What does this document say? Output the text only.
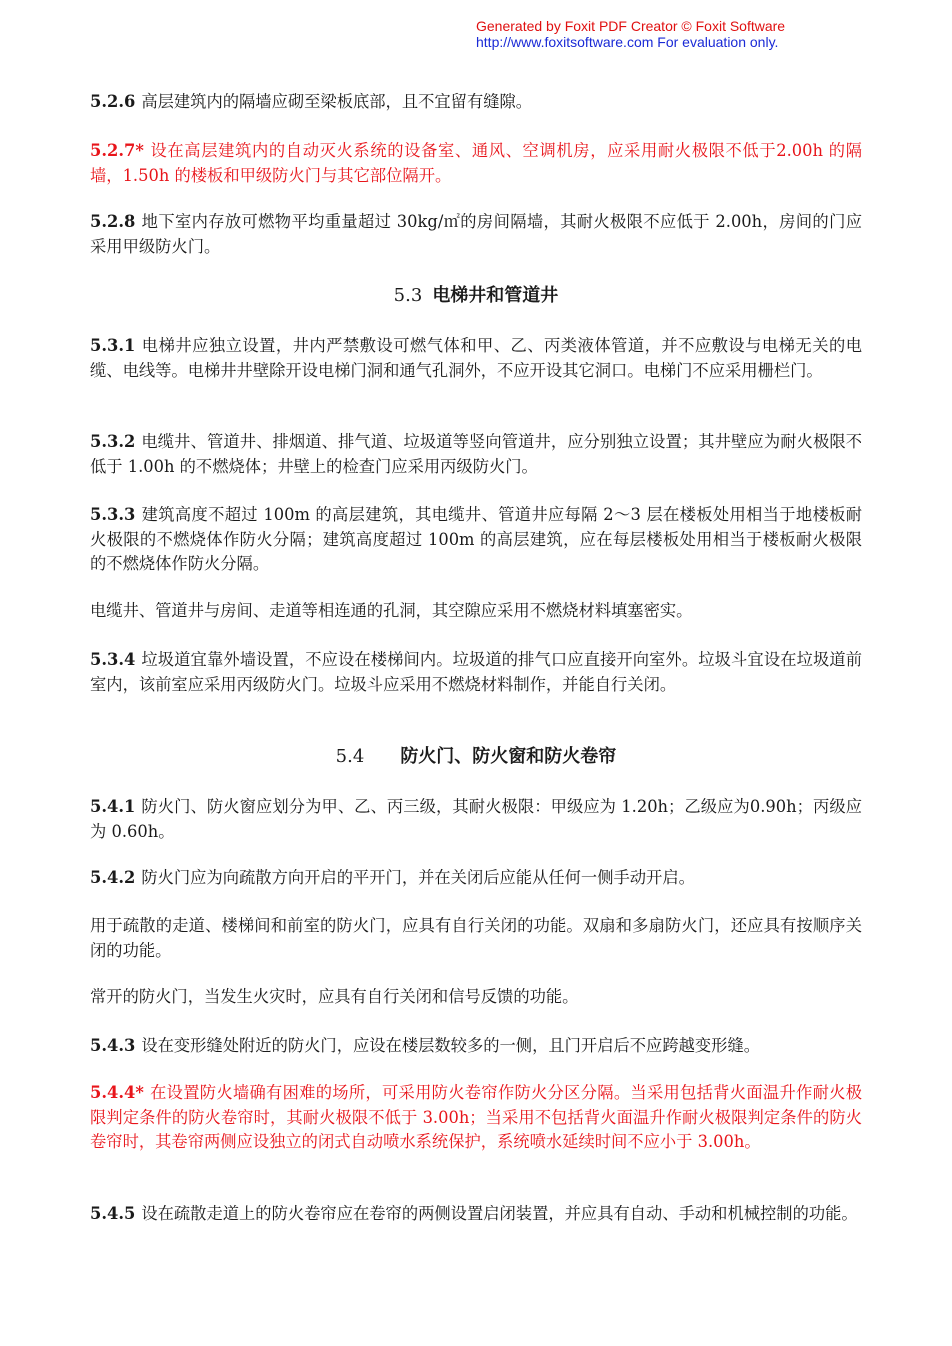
Generated by Foxit PDF Creator © Foxit Software
http://www.foxitsoftware.com For evaluation only.

5.2.6 高层建筑内的隔墙应砌至梁板底部，且不宜留有缝隙。

5.2.7* 设在高层建筑内的自动灭火系统的设备室、通风、空调机房，应采用耐火极限不低于2.00h 的隔墙，1.50h 的楼板和甲级防火门与其它部位隔开。

5.2.8 地下室内存放可燃物平均重量超过 30kg/㎡的房间隔墙，其耐火极限不应低于 2.00h，房间的门应采用甲级防火门。

5.3 电梯井和管道井

5.3.1 电梯井应独立设置，井内严禁敷设可燃气体和甲、乙、丙类液体管道，并不应敷设与电梯无关的电缆、电线等。电梯井井壁除开设电梯门洞和通气孔洞外，不应开设其它洞口。电梯门不应采用栅栏门。

5.3.2 电缆井、管道井、排烟道、排气道、垃圾道等竖向管道井，应分别独立设置；其井壁应为耐火极限不低于 1.00h 的不燃烧体；井壁上的检查门应采用丙级防火门。

5.3.3 建筑高度不超过 100m 的高层建筑，其电缆井、管道井应每隔 2～3 层在楼板处用相当于地楼板耐火极限的不燃烧体作防火分隔；建筑高度超过 100m 的高层建筑，应在每层楼板处用相当于楼板耐火极限的不燃烧体作防火分隔。

电缆井、管道井与房间、走道等相连通的孔洞，其空隙应采用不燃烧材料填塞密实。

5.3.4 垃圾道宜靠外墙设置，不应设在楼梯间内。垃圾道的排气口应直接开向室外。垃圾斗宜设在垃圾道前室内，该前室应采用丙级防火门。垃圾斗应采用不燃烧材料制作，并能自行关闭。

5.4 防火门、防火窗和防火卷帘

5.4.1 防火门、防火窗应划分为甲、乙、丙三级，其耐火极限：甲级应为 1.20h；乙级应为0.90h；丙级应为 0.60h。

5.4.2 防火门应为向疏散方向开启的平开门，并在关闭后应能从任何一侧手动开启。

用于疏散的走道、楼梯间和前室的防火门，应具有自行关闭的功能。双扇和多扇防火门，还应具有按顺序关闭的功能。

常开的防火门，当发生火灾时，应具有自行关闭和信号反馈的功能。

5.4.3 设在变形缝处附近的防火门，应设在楼层数较多的一侧，且门开启后不应跨越变形缝。

5.4.4* 在设置防火墙确有困难的场所，可采用防火卷帘作防火分区分隔。当采用包括背火面温升作耐火极限判定条件的防火卷帘时，其耐火极限不低于 3.00h；当采用不包括背火面温升作耐火极限判定条件的防火卷帘时，其卷帘两侧应设独立的闭式自动喷水系统保护，系统喷水延续时间不应小于 3.00h。

5.4.5 设在疏散走道上的防火卷帘应在卷帘的两侧设置启闭装置，并应具有自动、手动和机械控制的功能。
